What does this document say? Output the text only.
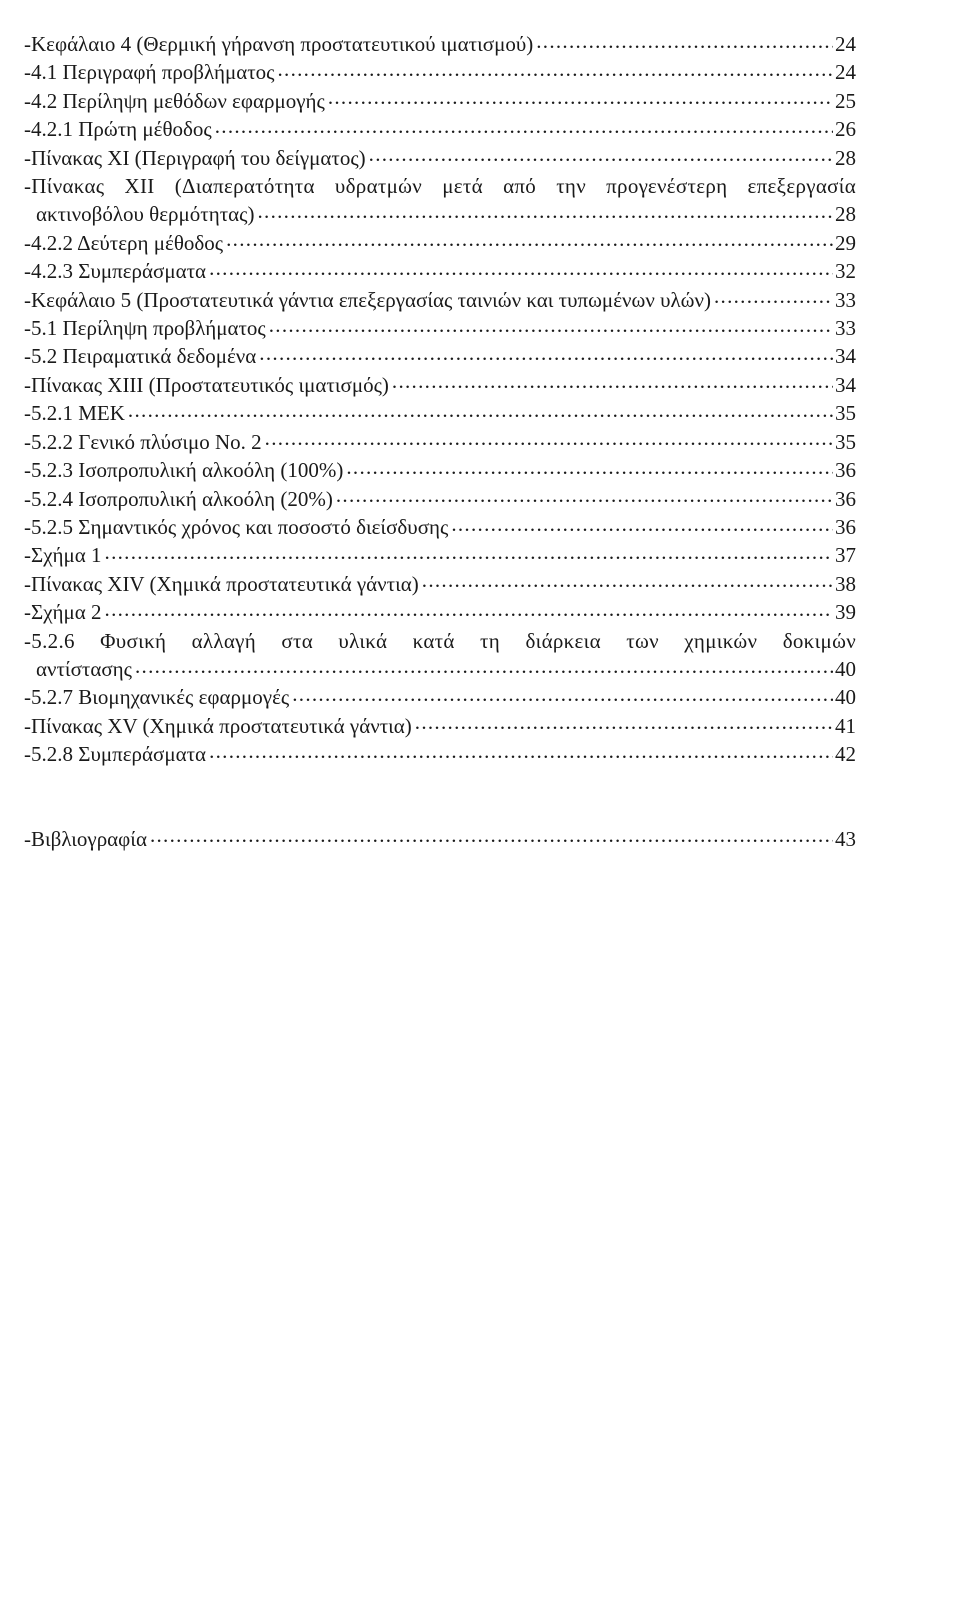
-Κεφάλαιο 4 (Θερμική γήρανση προστατευτικού ιματισμού) .....	24
-4.1 Περιγραφή προβλήματος .....	24
-4.2 Περίληψη μεθόδων εφαρμογής .....	25
-4.2.1 Πρώτη μέθοδος .....	26
-Πίνακας XI (Περιγραφή του δείγματος) .....	28
-Πίνακας XII (Διαπερατότητα υδρατμών μετά από την προγενέστερη επεξεργασία
ακτινοβόλου θερμότητας) .....	28
-4.2.2 Δεύτερη μέθοδος .....	29
-4.2.3 Συμπεράσματα .....	32
-Κεφάλαιο 5 (Προστατευτικά γάντια επεξεργασίας ταινιών και τυπωμένων υλών) .....	33
-5.1 Περίληψη προβλήματος .....	33
-5.2 Πειραματικά δεδομένα .....	34
-Πίνακας XIII (Προστατευτικός ιματισμός) .....	34
-5.2.1 ΜΕΚ .....	35
-5.2.2 Γενικό πλύσιμο No. 2 .....	35
-5.2.3 Ισοπροπυλική αλκοόλη (100%) .....	36
-5.2.4 Ισοπροπυλική αλκοόλη (20%) .....	36
-5.2.5 Σημαντικός χρόνος και ποσοστό διείσδυσης .....	36
-Σχήμα 1 .....	37
-Πίνακας XIV (Χημικά προστατευτικά γάντια) .....	38
-Σχήμα 2 .....	39
-5.2.6 Φυσική αλλαγή στα υλικά κατά τη διάρκεια των χημικών δοκιμών
αντίστασης .....	40
-5.2.7 Βιομηχανικές εφαρμογές .....	40
-Πίνακας XV (Χημικά προστατευτικά γάντια) .....	41
-5.2.8 Συμπεράσματα .....	42
-Βιβλιογραφία .....	43
